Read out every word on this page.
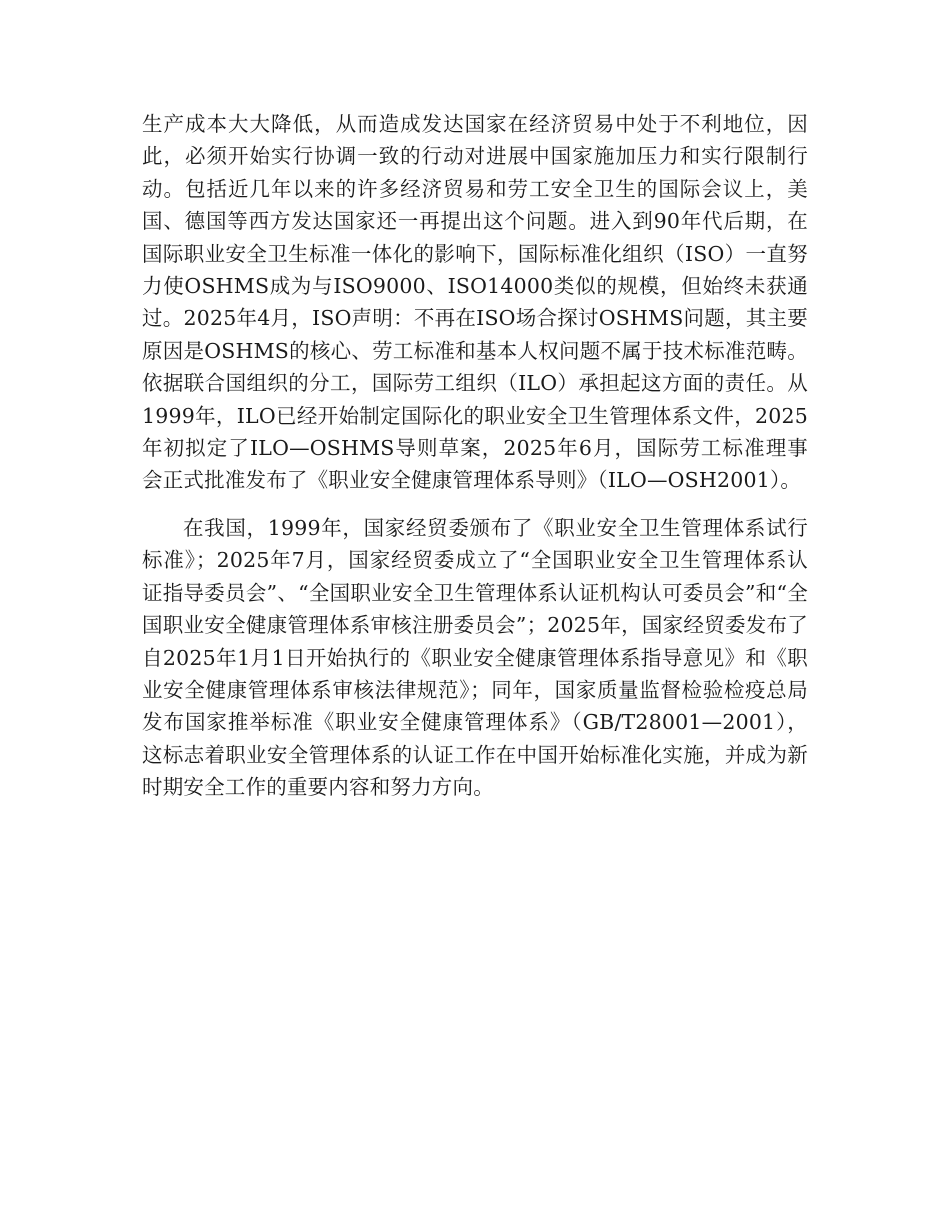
生产成本大大降低，从而造成发达国家在经济贸易中处于不利地位，因此，必须开始实行协调一致的行动对进展中国家施加压力和实行限制行动。包括近几年以来的许多经济贸易和劳工安全卫生的国际会议上，美国、德国等西方发达国家还一再提出这个问题。进入到90年代后期，在国际职业安全卫生标准一体化的影响下，国际标准化组织（ISO）一直努力使OSHMS成为与ISO9000、ISO14000类似的规模，但始终未获通过。2025年4月，ISO声明：不再在ISO场合探讨OSHMS问题，其主要原因是OSHMS的核心、劳工标准和基本人权问题不属于技术标准范畴。依据联合国组织的分工，国际劳工组织（ILO）承担起这方面的责任。从1999年，ILO已经开始制定国际化的职业安全卫生管理体系文件，2025年初拟定了ILO—OSHMS导则草案，2025年6月，国际劳工标准理事会正式批准发布了《职业安全健康管理体系导则》（ILO—OSH2001）。

在我国，1999年，国家经贸委颁布了《职业安全卫生管理体系试行标准》；2025年7月，国家经贸委成立了“全国职业安全卫生管理体系认证指导委员会”、“全国职业安全卫生管理体系认证机构认可委员会”和“全国职业安全健康管理体系审核注册委员会”；2025年，国家经贸委发布了自2025年1月1日开始执行的《职业安全健康管理体系指导意见》和《职业安全健康管理体系审核法律规范》；同年，国家质量监督检验检疫总局发布国家推举标准《职业安全健康管理体系》（GB/T28001—2001），这标志着职业安全管理体系的认证工作在中国开始标准化实施，并成为新时期安全工作的重要内容和努力方向。
